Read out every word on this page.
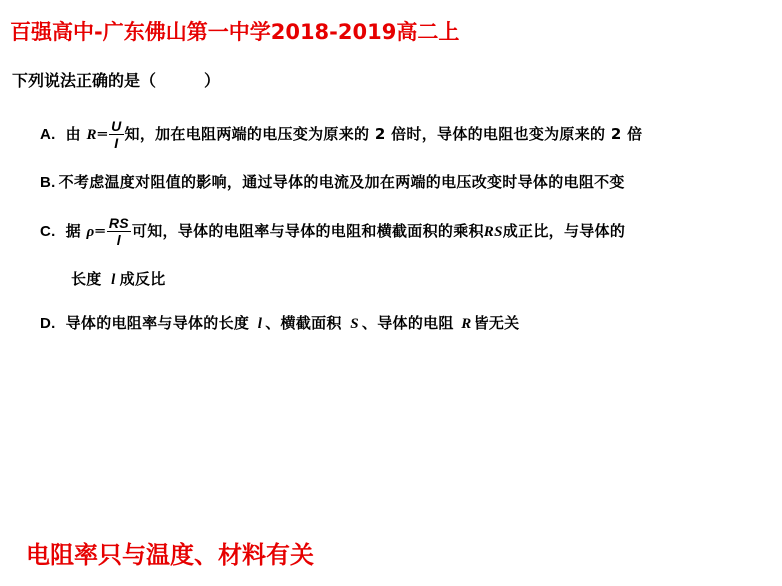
百强高中-广东佛山第一中学2018-2019高二上
下列说法正确的是（　　　）
A. 由 R═ $\frac{U}{I}$ 知，加在电阻两端的电压变为原来的 2 倍时，导体的电阻也变为原来的 2 倍
B. 不考虑温度对阻值的影响，通过导体的电流及加在两端的电压改变时导体的电阻不变
C. 据 ρ═ $\frac{RS}{l}$ 可知，导体的电阻率与导体的电阻和横截面积的乘积RS成正比，与导体的
长度 l 成反比
D. 导体的电阻率与导体的长度 l 、横截面积 S 、导体的电阻 R 皆无关
电阻率只与温度、材料有关
